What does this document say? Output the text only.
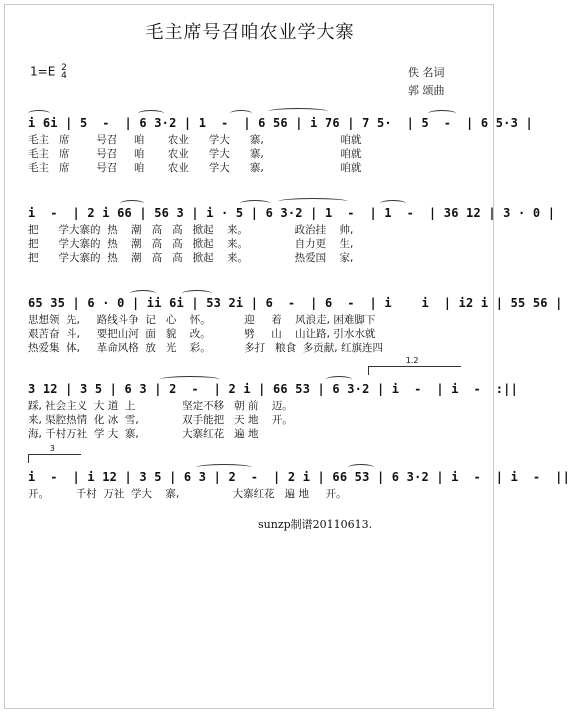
毛主席号召咱农业学大寨
1=E 2
4	佚 名词
郭 颂曲
i 6i | 5  -  | 6 3·2 | 1  -  | 6 56 | i 76 | 7 5·  | 5  -  | 6 5·3 |
毛主   席        号召     咱       农业      学大      寨,                       咱就
毛主   席        号召     咱       农业      学大      寨,                       咱就
毛主   席        号召     咱       农业      学大      寨,                       咱就
i  -  | 2 i 66 | 56 3 | i · 5 | 6 3·2 | 1  -  | 1  -  | 36 12 | 3 · 0 |
把      学大寨的  热    潮   高   高   掀起    来。              政治挂    帅,
把      学大寨的  热    潮   高   高   掀起    来。              自力更    生,
把      学大寨的  热    潮   高   高   掀起    来。              热爱国    家,
65 35 | 6 · 0 | ii 6i | 53 2i | 6  -  | 6  -  | i    i  | i2 i | 55 56 |
思想领  先,     路线斗争  记   心    怀。          迎     着    风浪走, 困难脚下
艰苦奋  斗,     要把山河  面   貌    改。          劈     山    山让路, 引水水就
热爱集  体,     革命风格  放   光    彩。          多打   粮食  多贡献, 红旗连四
1.2
3 12 | 3 5 | 6 3 | 2  -  | 2 i | 66 53 | 6 3·2 | i  -  | i  -  :||
踩, 社会主义  大 道  上              坚定不移   朝 前    迈。
来, 渠腔热情  化 冰  雪,             双手能把   天 地    开。
海, 千村万社  学 大  寨,             大寨红花   遍 地
3
i  -  | i 12 | 3 5 | 6 3 | 2  -  | 2 i | 66 53 | 6 3·2 | i  -  | i  -  ||
开。        千村  万社  学大    寨,                大寨红花   遍 地     开。
sunzp制谱20110613.
